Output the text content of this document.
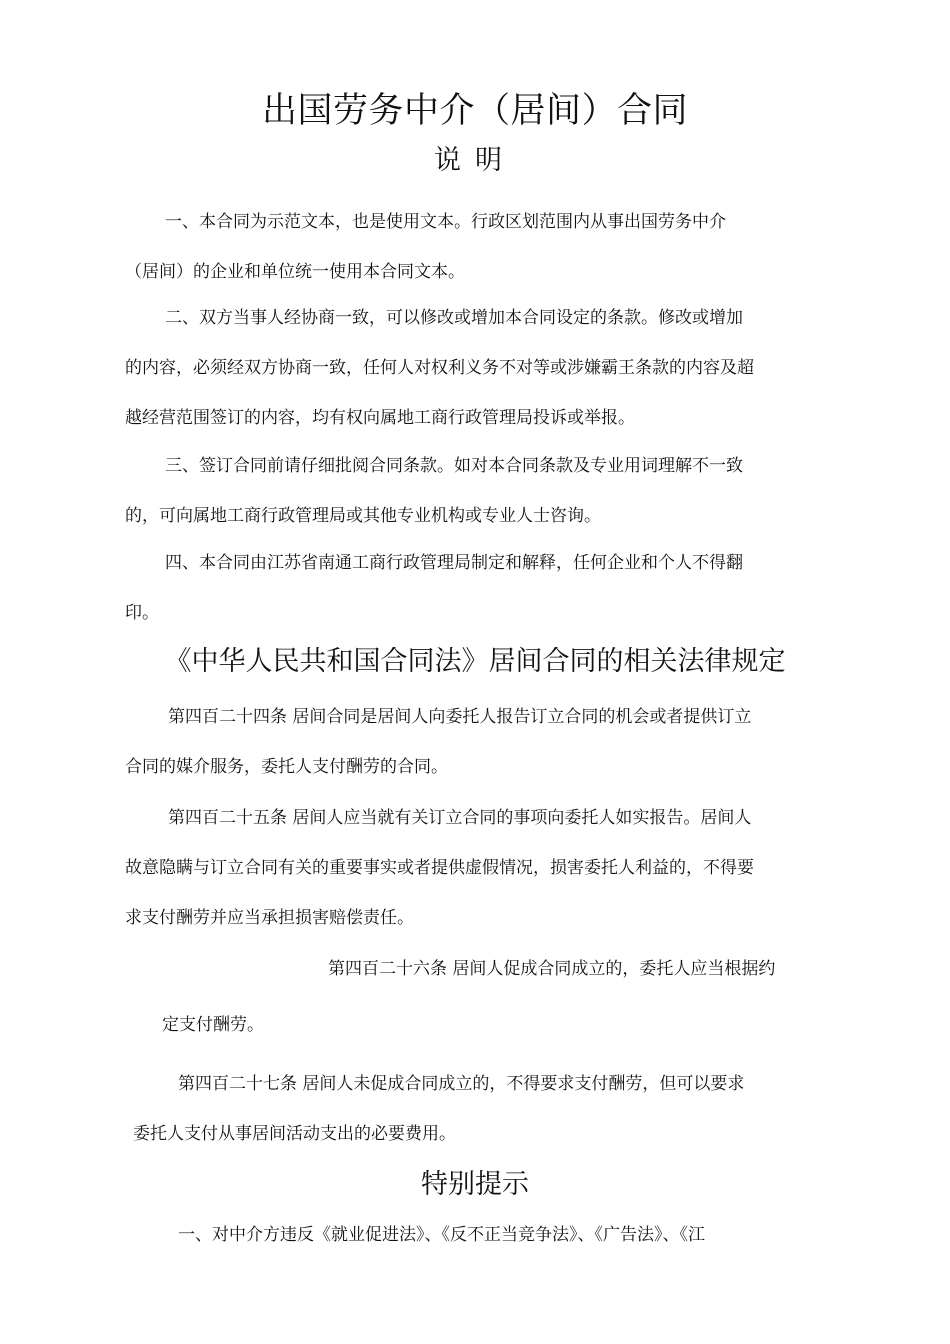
出国劳务中介（居间）合同
说明

一、本合同为示范文本，也是使用文本。行政区划范围内从事出国劳务中介
（居间）的企业和单位统一使用本合同文本。

二、双方当事人经协商一致，可以修改或增加本合同设定的条款。修改或增加
的内容，必须经双方协商一致，任何人对权利义务不对等或涉嫌霸王条款的内容及超
越经营范围签订的内容，均有权向属地工商行政管理局投诉或举报。

三、签订合同前请仔细批阅合同条款。如对本合同条款及专业用词理解不一致
的，可向属地工商行政管理局或其他专业机构或专业人士咨询。

四、本合同由江苏省南通工商行政管理局制定和解释，任何企业和个人不得翻
印。

《中华人民共和国合同法》居间合同的相关法律规定

第四百二十四条 居间合同是居间人向委托人报告订立合同的机会或者提供订立
合同的媒介服务，委托人支付酬劳的合同。

第四百二十五条 居间人应当就有关订立合同的事项向委托人如实报告。居间人
故意隐瞒与订立合同有关的重要事实或者提供虚假情况，损害委托人利益的，不得要
求支付酬劳并应当承担损害赔偿责任。

第四百二十六条 居间人促成合同成立的，委托人应当根据约
定支付酬劳。

第四百二十七条 居间人未促成合同成立的，不得要求支付酬劳，但可以要求
委托人支付从事居间活动支出的必要费用。

特别提示

一、对中介方违反《就业促进法》、《反不正当竞争法》、《广告法》、《江
